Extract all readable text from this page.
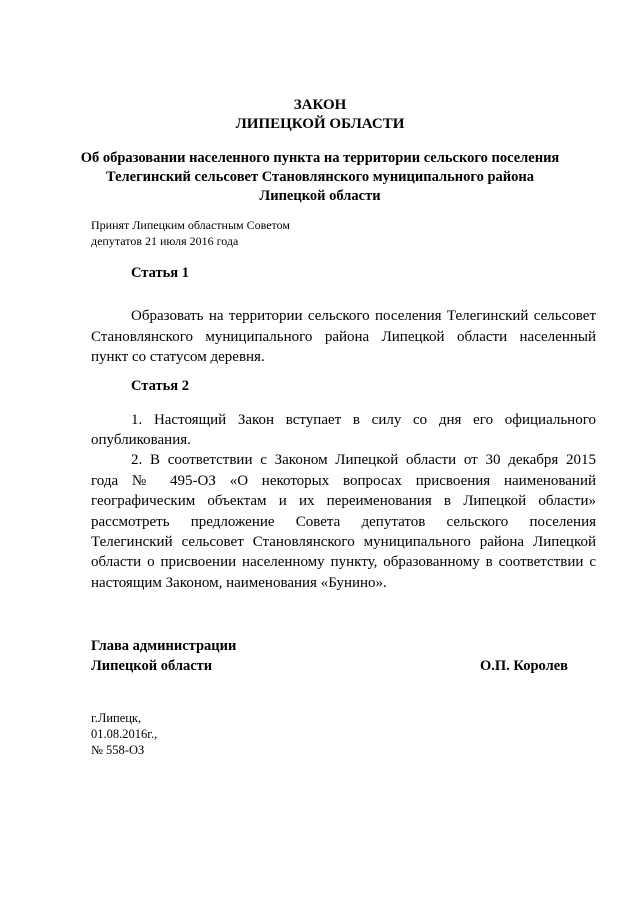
ЗАКОН
ЛИПЕЦКОЙ ОБЛАСТИ
Об образовании населенного пункта на территории сельского поселения
Телегинский сельсовет Становлянского муниципального района
Липецкой области
Принят Липецким областным Советом
депутатов 21 июля 2016 года
Статья 1
Образовать на территории сельского поселения Телегинский сельсовет
Становлянского муниципального района Липецкой области населенный
пункт со статусом деревня.
Статья 2
1. Настоящий Закон вступает в силу со дня его официального
опубликования.
2. В соответствии с Законом Липецкой области от 30 декабря 2015
года № 495-ОЗ «О некоторых вопросах присвоения наименований
географическим объектам и их переименования в Липецкой области»
рассмотреть предложение Совета депутатов сельского поселения
Телегинский сельсовет Становлянского муниципального района Липецкой
области о присвоении населенному пункту, образованному в соответствии с
настоящим Законом, наименования «Бунино».
Глава администрации
Липецкой области	О.П. Королев
г.Липецк,
01.08.2016г.,
№ 558-ОЗ
